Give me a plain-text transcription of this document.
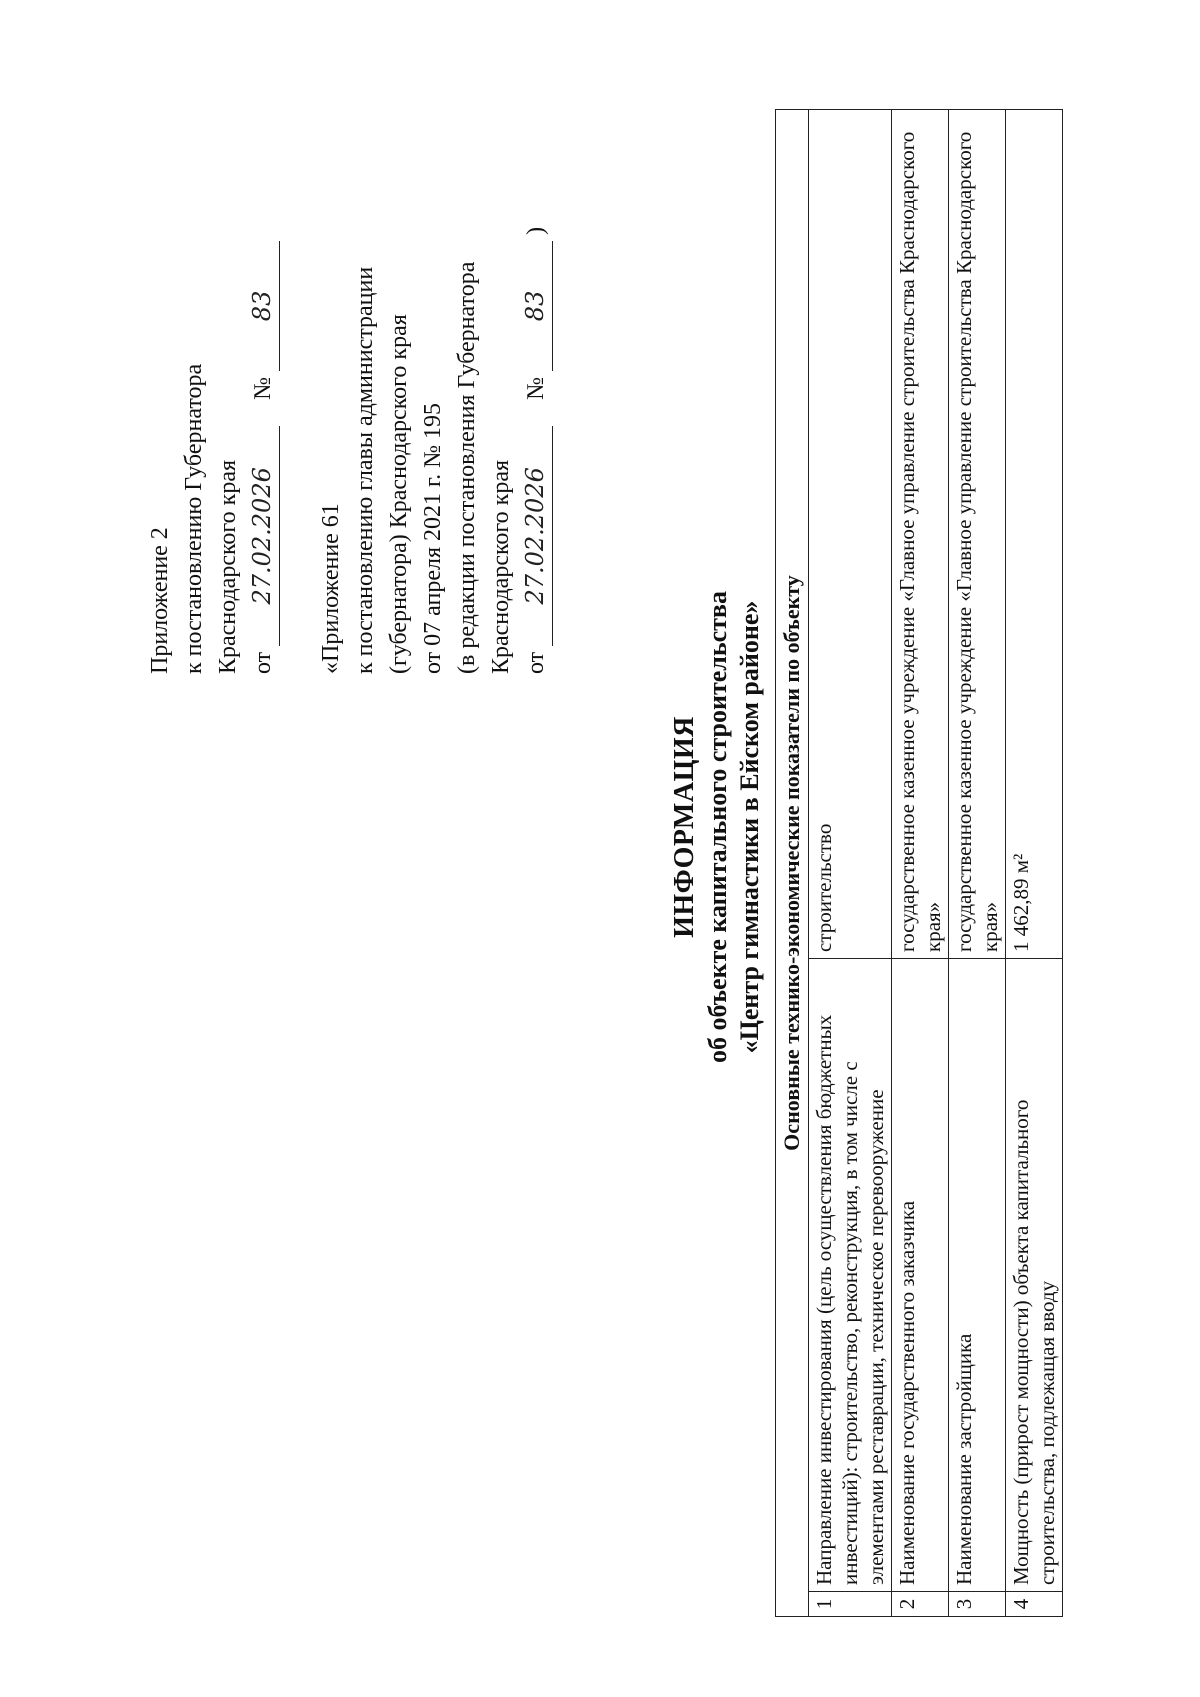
Приложение 2 к постановлению Губернатора Краснодарского края от 27.02.2026  № 83
«Приложение 61 к постановлению главы администрации (губернатора) Краснодарского края от 07 апреля 2021 г. № 195 (в редакции постановления Губернатора Краснодарского края от 27.02.2026  № 83 )
ИНФОРМАЦИЯ об объекте капитального строительства «Центр гимнастики в Ейском районе» Основные технико-экономические показатели по объекту		
1	Направление инвестирования (цель осуществления бюджетных инвестиций): строительство, реконструкция, в том числе с элементами реставрации, техническое перевооружение	строительство
2	Наименование государственного заказчика	государственное казенное учреждение «Главное управление строительства Краснодарского края»
3	Наименование застройщика	государственное казенное учреждение «Главное управление строительства Краснодарского края»
4	Мощность (прирост мощности) объекта капитального строительства, подлежащая вводу	1 462,89 м²
